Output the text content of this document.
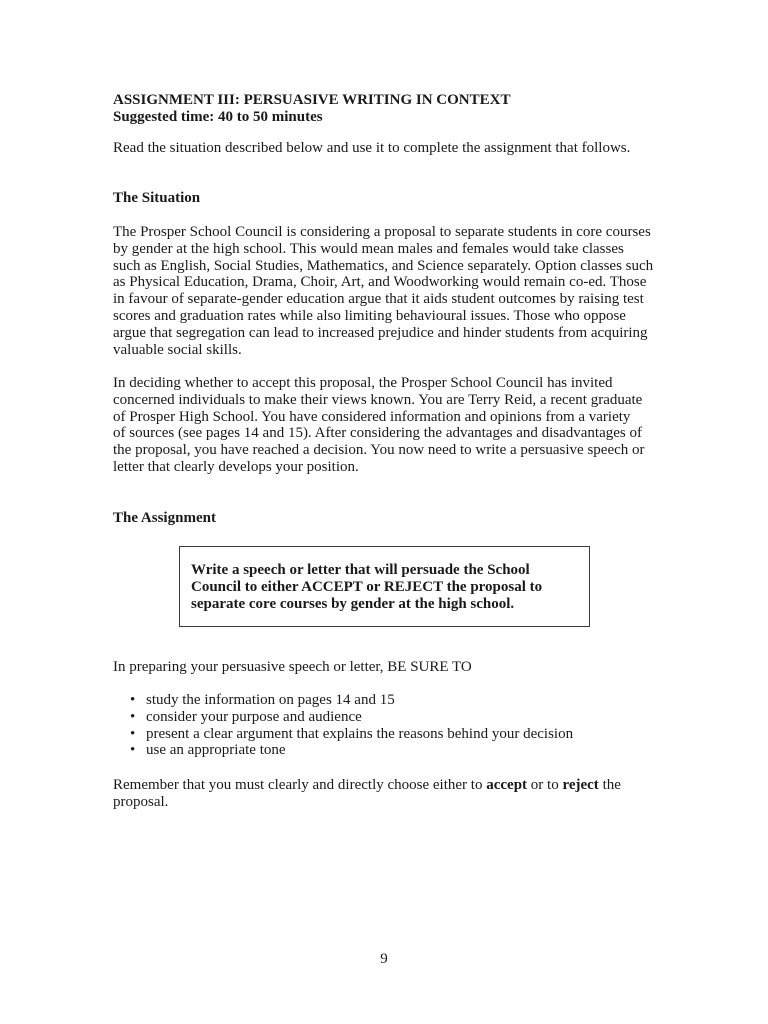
ASSIGNMENT III: PERSUASIVE WRITING IN CONTEXT

Suggested time: 40 to 50 minutes

Read the situation described below and use it to complete the assignment that follows.

The Situation

The Prosper School Council is considering a proposal to separate students in core courses
by gender at the high school. This would mean males and females would take classes
such as English, Social Studies, Mathematics, and Science separately. Option classes such
as Physical Education, Drama, Choir, Art, and Woodworking would remain co-ed. Those
in favour of separate-gender education argue that it aids student outcomes by raising test
scores and graduation rates while also limiting behavioural issues. Those who oppose
argue that segregation can lead to increased prejudice and hinder students from acquiring
valuable social skills.
In deciding whether to accept this proposal, the Prosper School Council has invited
concerned individuals to make their views known. You are Terry Reid, a recent graduate
of Prosper High School. You have considered information and opinions from a variety
of sources (see pages 14 and 15). After considering the advantages and disadvantages of
the proposal, you have reached a decision. You now need to write a persuasive speech or
letter that clearly develops your position.

The Assignment

Write a speech or letter that will persuade the School
Council to either ACCEPT or REJECT the proposal to
separate core courses by gender at the high school.

In preparing your persuasive speech or letter, BE SURE TO

• study the information on pages 14 and 15
• consider your purpose and audience
• present a clear argument that explains the reasons behind your decision
• use an appropriate tone
Remember that you must clearly and directly choose either to accept or to reject the
proposal.
9
